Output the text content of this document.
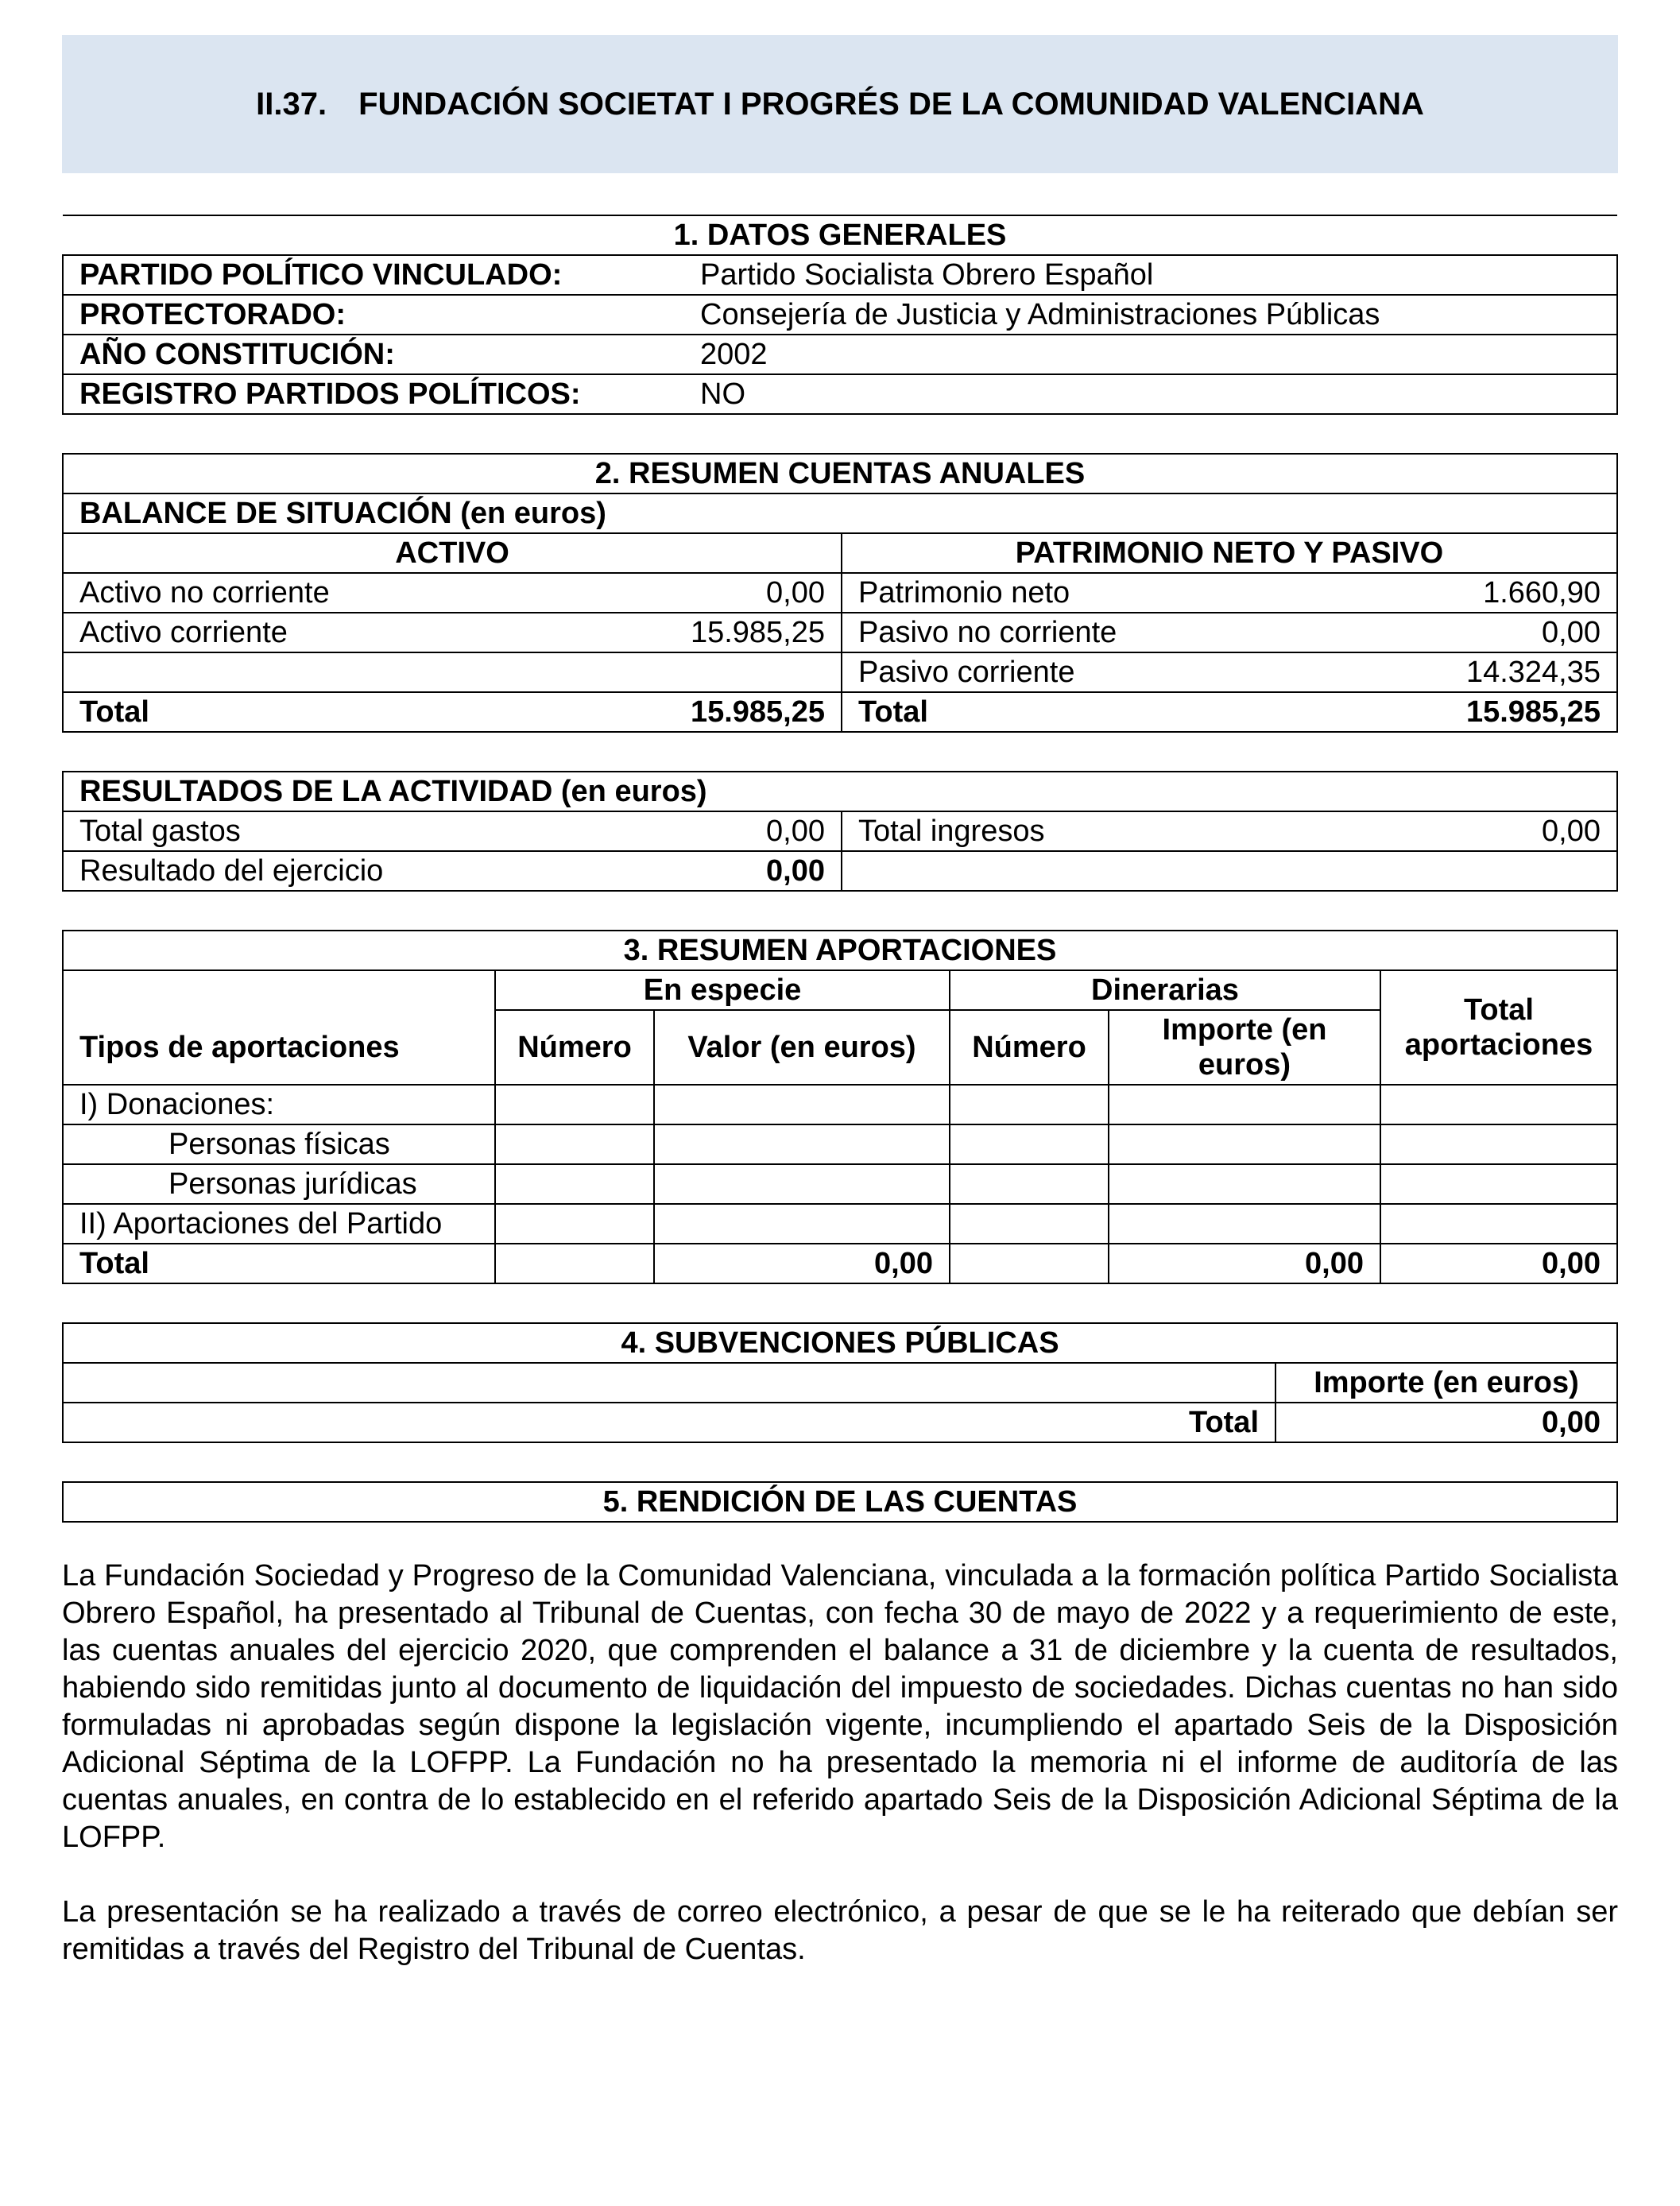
II.37. FUNDACIÓN SOCIETAT I PROGRÉS DE LA COMUNIDAD VALENCIANA
1. DATOS GENERALES	
PARTIDO POLÍTICO VINCULADO:	Partido Socialista Obrero Español
PROTECTORADO:	Consejería de Justicia y Administraciones Públicas
AÑO CONSTITUCIÓN:	2002
REGISTRO PARTIDOS POLÍTICOS:	NO
2. RESUMEN CUENTAS ANUALES			
BALANCE DE SITUACIÓN (en euros)			
ACTIVO		PATRIMONIO NETO Y PASIVO	
Activo no corriente	0,00	Patrimonio neto	1.660,90
Activo corriente	15.985,25	Pasivo no corriente	0,00
		Pasivo corriente	14.324,35
Total	15.985,25	Total	15.985,25
RESULTADOS DE LA ACTIVIDAD (en euros)			
Total gastos	0,00	Total ingresos	0,00
Resultado del ejercicio	0,00		
3. RESUMEN APORTACIONES					
	En especie		Dinerarias		Total aportaciones
Tipos de aportaciones	Número	Valor (en euros)	Número	Importe (en euros)	
I) Donaciones:					
Personas físicas					
Personas jurídicas					
II) Aportaciones del Partido					
Total		0,00		0,00	0,00
4. SUBVENCIONES PÚBLICAS	
	Importe (en euros)
Total	0,00
5. RENDICIÓN DE LAS CUENTAS

La Fundación Sociedad y Progreso de la Comunidad Valenciana, vinculada a la formación política Partido Socialista Obrero Español, ha presentado al Tribunal de Cuentas, con fecha 30 de mayo de 2022 y a requerimiento de este, las cuentas anuales del ejercicio 2020, que comprenden el balance a 31 de diciembre y la cuenta de resultados, habiendo sido remitidas junto al documento de liquidación del impuesto de sociedades. Dichas cuentas no han sido formuladas ni aprobadas según dispone la legislación vigente, incumpliendo el apartado Seis de la Disposición Adicional Séptima de la LOFPP. La Fundación no ha presentado la memoria ni el informe de auditoría de las cuentas anuales, en contra de lo establecido en el referido apartado Seis de la Disposición Adicional Séptima de la LOFPP.

La presentación se ha realizado a través de correo electrónico, a pesar de que se le ha reiterado que debían ser remitidas a través del Registro del Tribunal de Cuentas.
